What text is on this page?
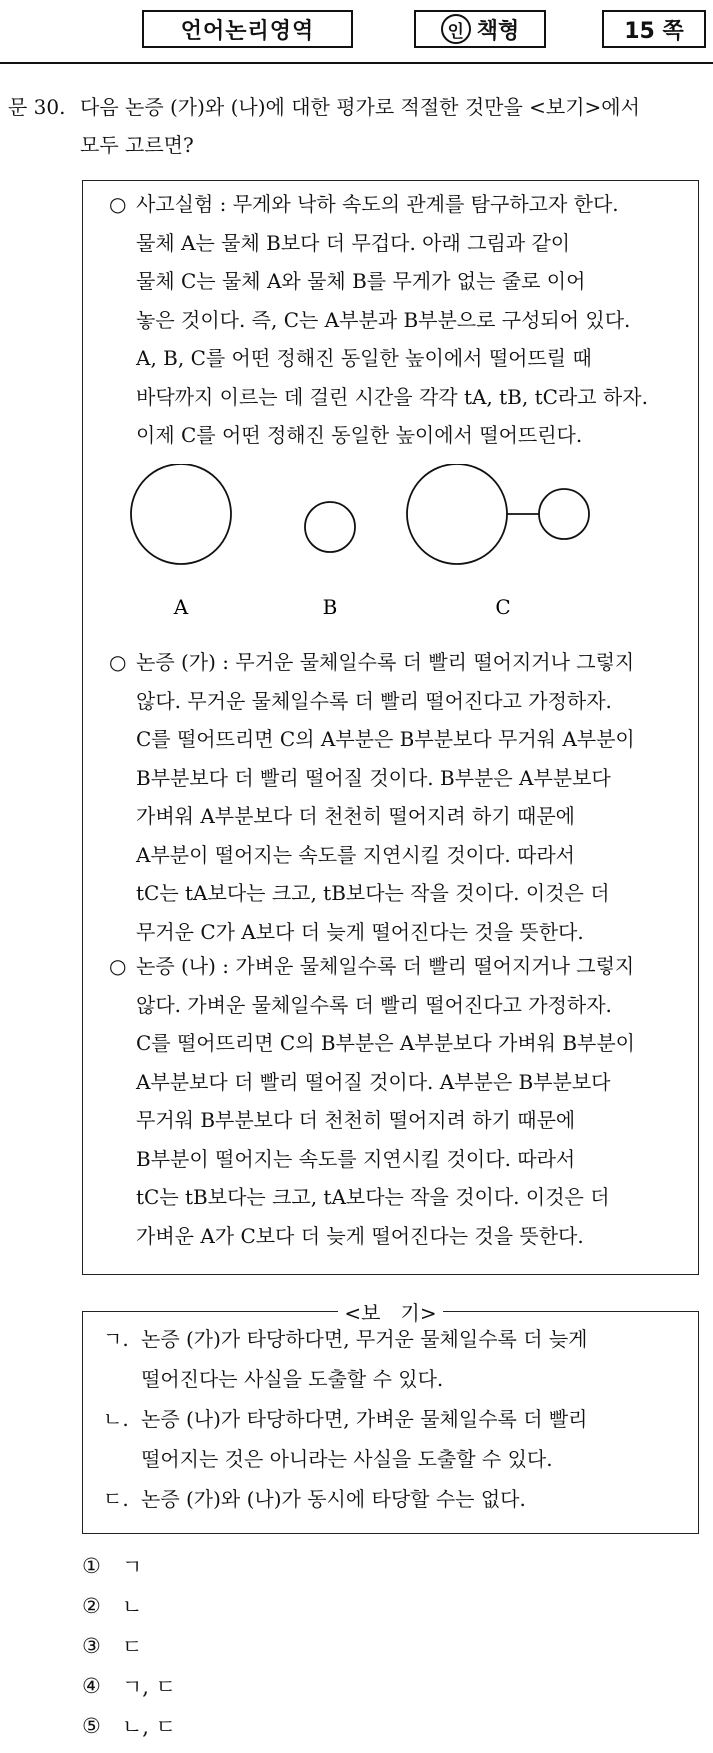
언어논리영역	인 책형	15 쪽
문 30. 다음 논증 (가)와 (나)에 대한 평가로 적절한 것만을 <보기>에서
모두 고르면?
○ 사고실험 : 무게와 낙하 속도의 관계를 탐구하고자 한다.
물체 A는 물체 B보다 더 무겁다. 아래 그림과 같이
물체 C는 물체 A와 물체 B를 무게가 없는 줄로 이어
놓은 것이다. 즉, C는 A부분과 B부분으로 구성되어 있다.
A, B, C를 어떤 정해진 동일한 높이에서 떨어뜨릴 때
바닥까지 이르는 데 걸린 시간을 각각 tA, tB, tC라고 하자.
이제 C를 어떤 정해진 동일한 높이에서 떨어뜨린다.
A	B	C
○ 논증 (가) : 무거운 물체일수록 더 빨리 떨어지거나 그렇지
않다. 무거운 물체일수록 더 빨리 떨어진다고 가정하자.
C를 떨어뜨리면 C의 A부분은 B부분보다 무거워 A부분이
B부분보다 더 빨리 떨어질 것이다. B부분은 A부분보다
가벼워 A부분보다 더 천천히 떨어지려 하기 때문에
A부분이 떨어지는 속도를 지연시킬 것이다. 따라서
tC는 tA보다는 크고, tB보다는 작을 것이다. 이것은 더
무거운 C가 A보다 더 늦게 떨어진다는 것을 뜻한다.
○ 논증 (나) : 가벼운 물체일수록 더 빨리 떨어지거나 그렇지
않다. 가벼운 물체일수록 더 빨리 떨어진다고 가정하자.
C를 떨어뜨리면 C의 B부분은 A부분보다 가벼워 B부분이
A부분보다 더 빨리 떨어질 것이다. A부분은 B부분보다
무거워 B부분보다 더 천천히 떨어지려 하기 때문에
B부분이 떨어지는 속도를 지연시킬 것이다. 따라서
tC는 tB보다는 크고, tA보다는 작을 것이다. 이것은 더
가벼운 A가 C보다 더 늦게 떨어진다는 것을 뜻한다.
<보　기>
ㄱ. 논증 (가)가 타당하다면, 무거운 물체일수록 더 늦게
떨어진다는 사실을 도출할 수 있다.
ㄴ. 논증 (나)가 타당하다면, 가벼운 물체일수록 더 빨리
떨어지는 것은 아니라는 사실을 도출할 수 있다.
ㄷ. 논증 (가)와 (나)가 동시에 타당할 수는 없다.
①	ㄱ
②	ㄴ
③	ㄷ
④	ㄱ, ㄷ
⑤	ㄴ, ㄷ
